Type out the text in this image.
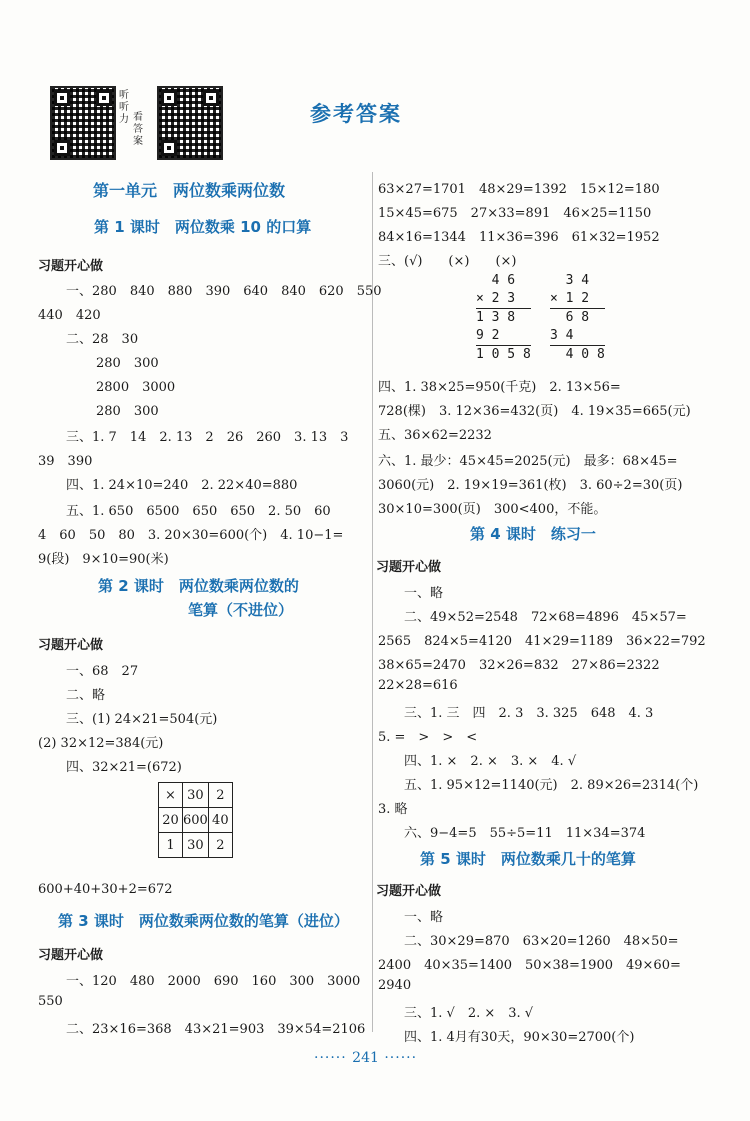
听
听
力 看
答
案
参考答案
第一单元　两位数乘两位数
第 1 课时　两位数乘 10 的口算
习题开心做
一、280　840　880　390　640　840　620　550
440　420
二、28　30
280　300
2800　3000
280　300
三、1. 7　14　2. 13　2　26　260　3. 13　3
39　390
四、1. 24×10=240　2. 22×40=880
五、1. 650　6500　650　650　2. 50　60
4　60　50　80　3. 20×30=600(个)　4. 10−1=
9(段)　9×10=90(米)
第 2 课时　两位数乘两位数的
笔算（不进位）
习题开心做
一、68　27
二、略
三、(1) 24×21=504(元)
(2) 32×12=384(元)
四、32×21=(672)
×	30	2
20	600	40
1	30	2
600+40+30+2=672
第 3 课时　两位数乘两位数的笔算（进位）
习题开心做
一、120　480　2000　690　160　300　3000
550
二、23×16=368　43×21=903　39×54=2106
63×27=1701　48×29=1392　15×12=180
15×45=675　27×33=891　46×25=1150
84×16=1344　11×36=396　61×32=1952
三、(√)　　(×)　　(×)
4 6
× 2 3
1 3 8
9 2
1 0 5 8
3 4
× 1 2
6 8
3 4
4 0 8
四、1. 38×25=950(千克)　2. 13×56=
728(棵)　3. 12×36=432(页)　4. 19×35=665(元)
五、36×62=2232
六、1. 最少：45×45=2025(元)　最多：68×45=
3060(元)　2. 19×19=361(枚)　3. 60÷2=30(页)
30×10=300(页)　300<400，不能。
第 4 课时　练习一
习题开心做
一、略
二、49×52=2548　72×68=4896　45×57=
2565　824×5=4120　41×29=1189　36×22=792
38×65=2470　32×26=832　27×86=2322
22×28=616
三、1. 三　四　2. 3　3. 325　648　4. 3
5. =　>　>　<
四、1. ×　2. ×　3. ×　4. √
五、1. 95×12=1140(元)　2. 89×26=2314(个)
3. 略
六、9−4=5　55÷5=11　11×34=374
第 5 课时　两位数乘几十的笔算
习题开心做
一、略
二、30×29=870　63×20=1260　48×50=
2400　40×35=1400　50×38=1900　49×60=
2940
三、1. √　2. ×　3. √
四、1. 4月有30天，90×30=2700(个)
······ 241 ······
